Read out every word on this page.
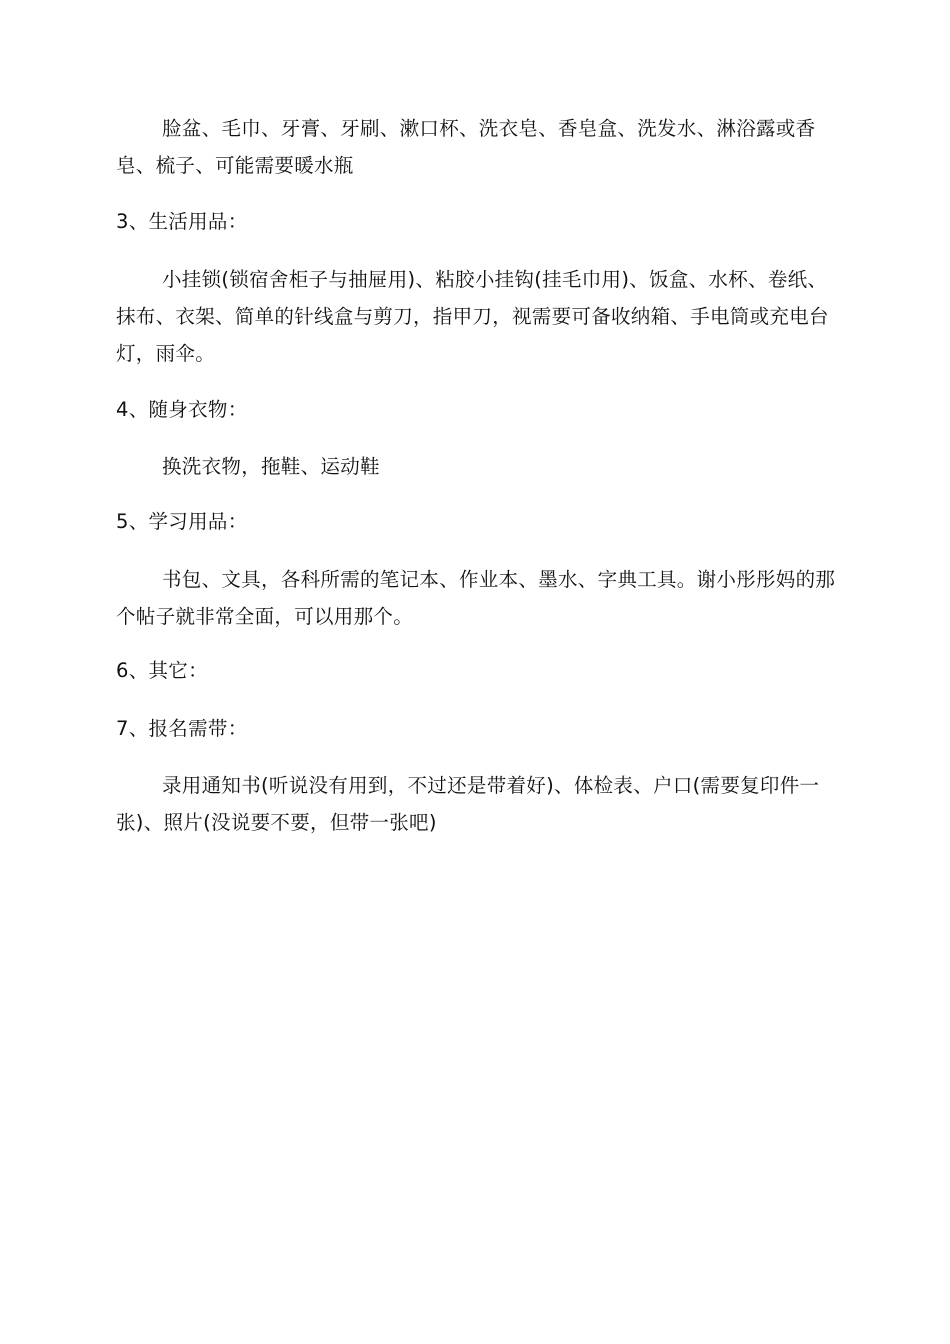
脸盆、毛巾、牙膏、牙刷、漱口杯、洗衣皂、香皂盒、洗发水、淋浴露或香皂、梳子、可能需要暖水瓶

3、生活用品：

小挂锁(锁宿舍柜子与抽屉用)、粘胶小挂钩(挂毛巾用)、饭盒、水杯、卷纸、抹布、衣架、简单的针线盒与剪刀，指甲刀，视需要可备收纳箱、手电筒或充电台灯，雨伞。

4、随身衣物：

换洗衣物，拖鞋、运动鞋

5、学习用品：

书包、文具，各科所需的笔记本、作业本、墨水、字典工具。谢小彤彤妈的那个帖子就非常全面，可以用那个。

6、其它：

7、报名需带：

录用通知书(听说没有用到，不过还是带着好)、体检表、户口(需要复印件一张)、照片(没说要不要，但带一张吧)
